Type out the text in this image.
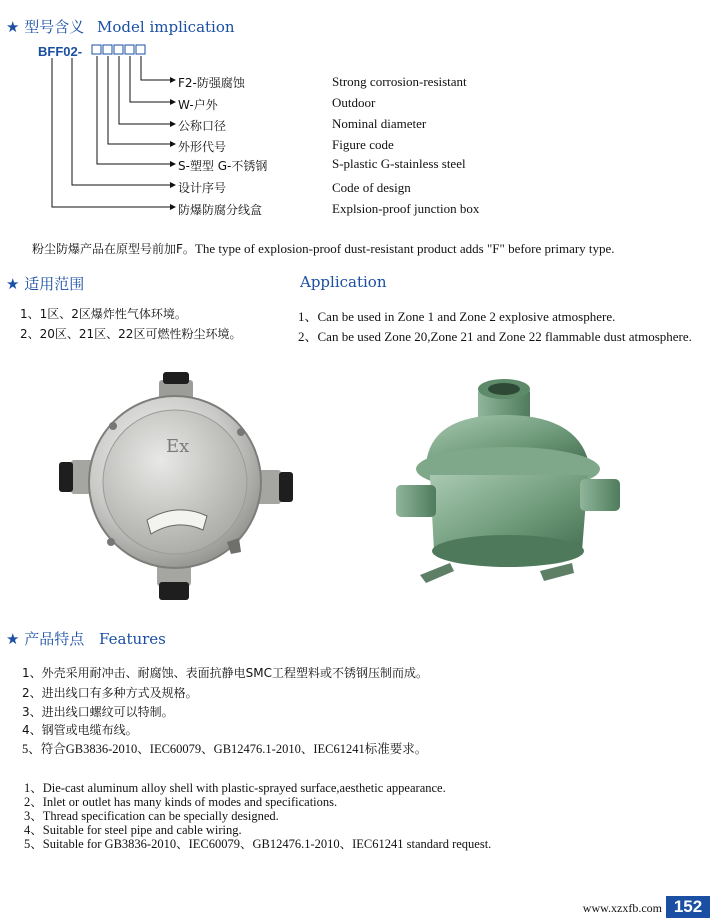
★ 型号含义 Model implication
BFF02-
F2-防强腐蚀
W-户外
公称口径
外形代号
S-塑型 G-不锈钢
设计序号
防爆防腐分线盒
Strong corrosion-resistant
Outdoor
Nominal diameter
Figure code
S-plastic G-stainless steel
Code of design
Explsion-proof junction box
粉尘防爆产品在原型号前加F。The type of explosion-proof dust-resistant product adds "F" before primary type.
★ 适用范围	Application
1、1区、2区爆炸性气体环境。
2、20区、21区、22区可燃性粉尘环境。
1、Can be used in Zone 1 and Zone 2 explosive atmosphere.
2、Can be used Zone 20,Zone 21 and Zone 22 flammable dust atmosphere.
Ex
★ 产品特点 Features
1、外壳采用耐冲击、耐腐蚀、表面抗静电SMC工程塑料或不锈钢压制而成。
2、进出线口有多种方式及规格。
3、进出线口螺纹可以特制。
4、钢管或电缆布线。
5、符合GB3836-2010、IEC60079、GB12476.1-2010、IEC61241标准要求。
1、Die-cast aluminum alloy shell with plastic-sprayed surface,aesthetic appearance.
2、Inlet or outlet has many kinds of modes and specifications.
3、Thread specification can be specially designed.
4、Suitable for steel pipe and cable wiring.
5、Suitable for GB3836-2010、IEC60079、GB12476.1-2010、IEC61241 standard request.
www.xzxfb.com 152
